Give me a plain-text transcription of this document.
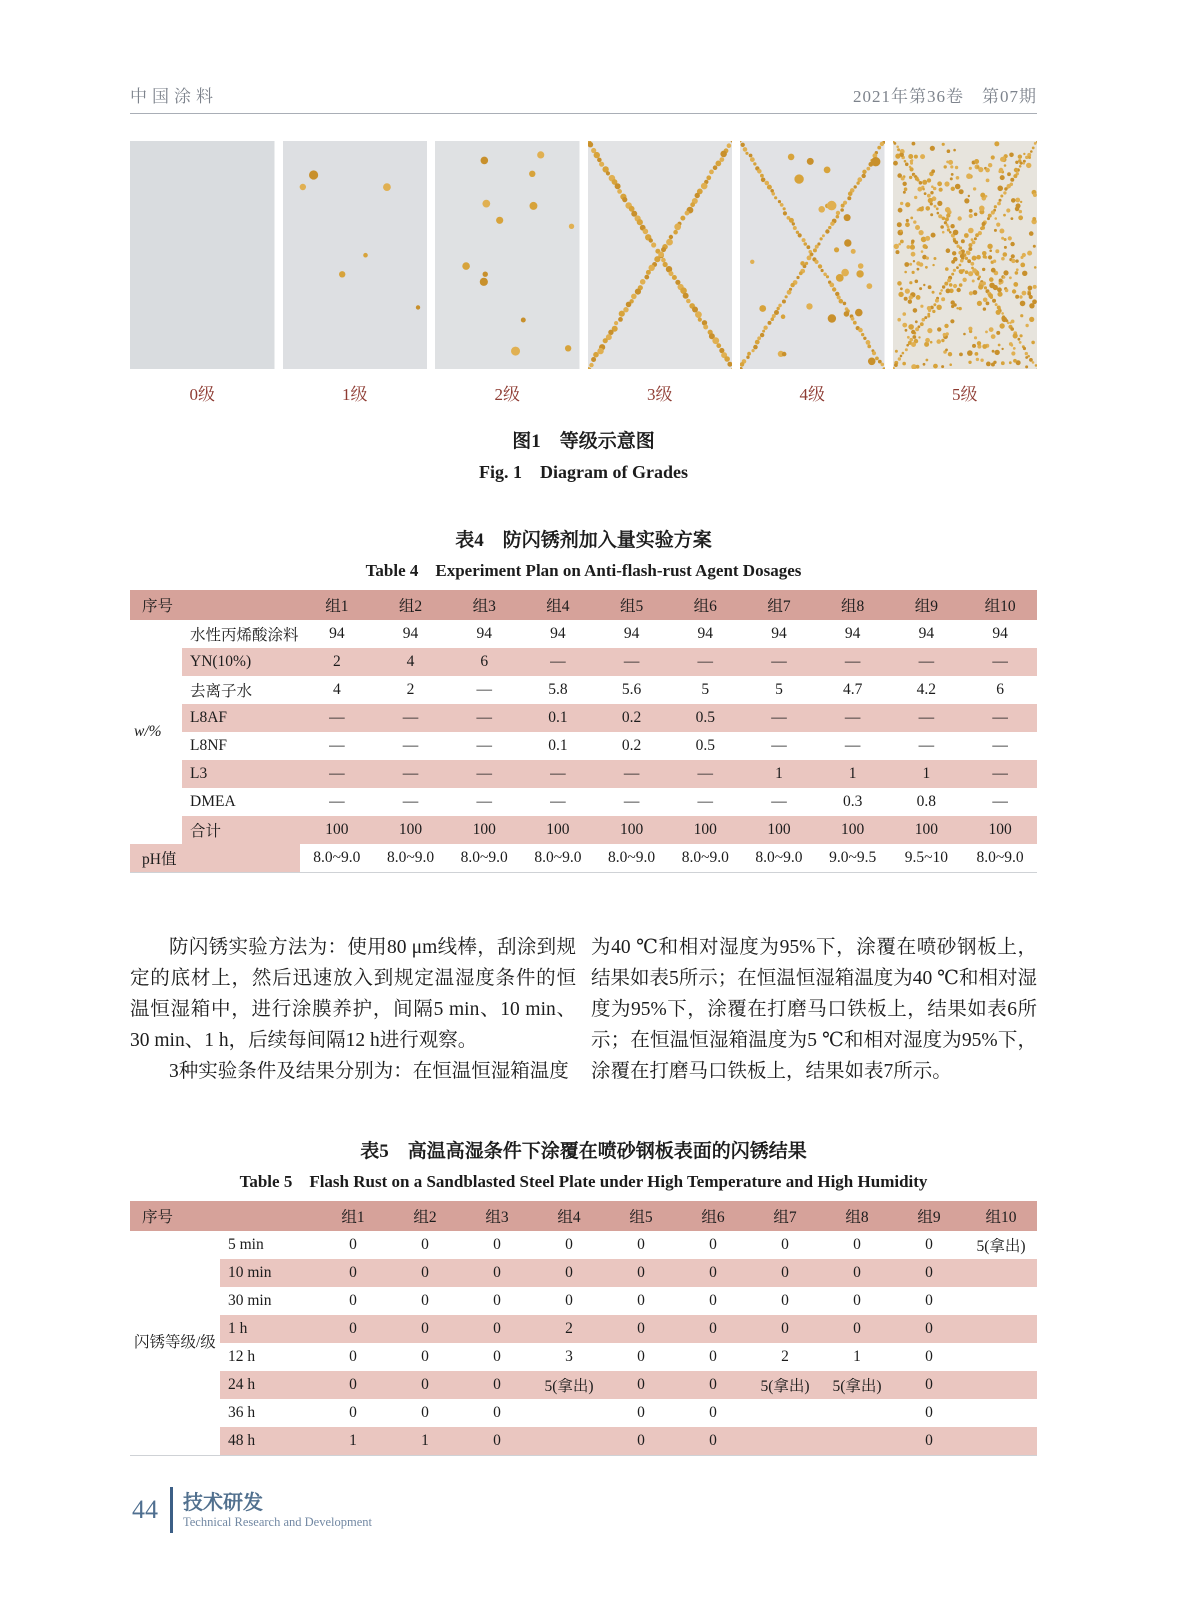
中国涂料	2021年第36卷　第07期
0级	1级	2级	3级	4级	5级
图1　等级示意图
Fig. 1　Diagram of Grades
表4　防闪锈剂加入量实验方案
Table 4　Experiment Plan on Anti-flash-rust Agent Dosages
序号		组1	组2	组3	组4	组5	组6	组7	组8	组9	组10
w/%	水性丙烯酸涂料	94	94	94	94	94	94	94	94	94	94
	YN(10%)	2	4	6	—	—	—	—	—	—	—
	去离子水	4	2	—	5.8	5.6	5	5	4.7	4.2	6
	L8AF	—	—	—	0.1	0.2	0.5	—	—	—	—
	L8NF	—	—	—	0.1	0.2	0.5	—	—	—	—
	L3	—	—	—	—	—	—	1	1	1	—
	DMEA	—	—	—	—	—	—	—	0.3	0.8	—
	合计	100	100	100	100	100	100	100	100	100	100
pH值		8.0~9.0	8.0~9.0	8.0~9.0	8.0~9.0	8.0~9.0	8.0~9.0	8.0~9.0	9.0~9.5	9.5~10	8.0~9.0

防闪锈实验方法为：使用80 μm线棒，刮涂到规定的底材上，然后迅速放入到规定温湿度条件的恒温恒湿箱中，进行涂膜养护，间隔5 min、10 min、30 min、1 h，后续每间隔12 h进行观察。

3种实验条件及结果分别为：在恒温恒湿箱温度

为40 ℃和相对湿度为95%下，涂覆在喷砂钢板上，结果如表5所示；在恒温恒湿箱温度为40 ℃和相对湿度为95%下，涂覆在打磨马口铁板上，结果如表6所示；在恒温恒湿箱温度为5 ℃和相对湿度为95%下，涂覆在打磨马口铁板上，结果如表7所示。

表5　高温高湿条件下涂覆在喷砂钢板表面的闪锈结果
Table 5　Flash Rust on a Sandblasted Steel Plate under High Temperature and High Humidity
序号		组1	组2	组3	组4	组5	组6	组7	组8	组9	组10
闪锈等级/级	5 min	0	0	0	0	0	0	0	0	0	5(拿出)
	10 min	0	0	0	0	0	0	0	0	0	
	30 min	0	0	0	0	0	0	0	0	0	
	1 h	0	0	0	2	0	0	0	0	0	
	12 h	0	0	0	3	0	0	2	1	0	
	24 h	0	0	0	5(拿出)	0	0	5(拿出)	5(拿出)	0	
	36 h	0	0	0		0	0			0	
	48 h	1	1	0		0	0			0	
44 技术研发
Technical Research and Development
